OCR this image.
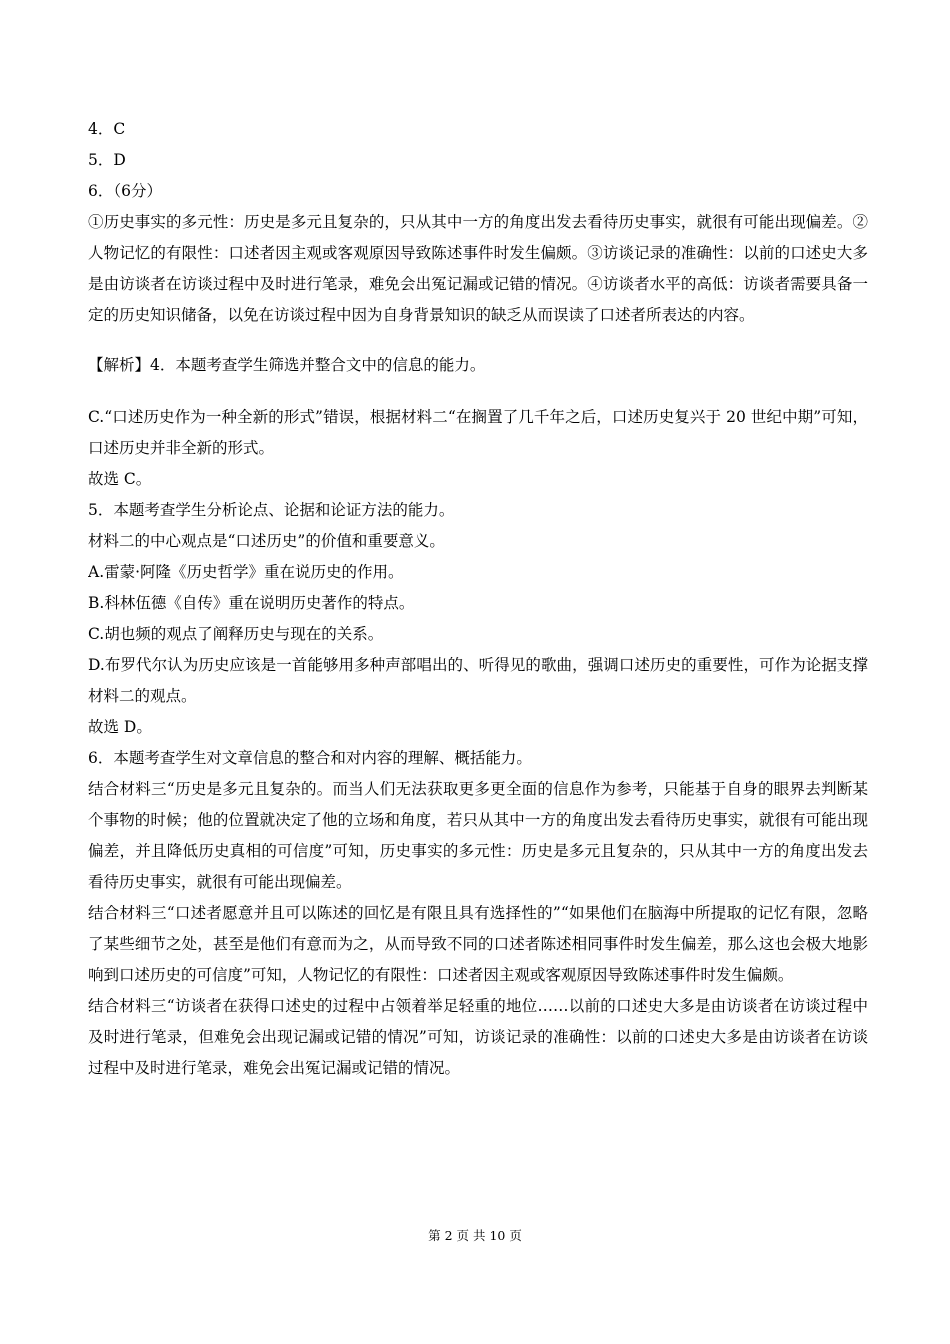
4．C

5．D

6．（6分）

①历史事实的多元性：历史是多元且复杂的，只从其中一方的角度出发去看待历史事实，就很有可能出现偏差。②人物记忆的有限性：口述者因主观或客观原因导致陈述事件时发生偏颇。③访谈记录的准确性：以前的口述史大多是由访谈者在访谈过程中及时进行笔录，难免会出冤记漏或记错的情况。④访谈者水平的高低：访谈者需要具备一定的历史知识储备，以免在访谈过程中因为自身背景知识的缺乏从而误读了口述者所表达的内容。

【解析】4．本题考查学生筛选并整合文中的信息的能力。

C.“口述历史作为一种全新的形式”错误，根据材料二“在搁置了几千年之后，口述历史复兴于 20 世纪中期”可知，口述历史并非全新的形式。

故选 C。

5．本题考查学生分析论点、论据和论证方法的能力。

材料二的中心观点是“口述历史”的价值和重要意义。

A.雷蒙·阿隆《历史哲学》重在说历史的作用。

B.科林伍德《自传》重在说明历史著作的特点。

C.胡也频的观点了阐释历史与现在的关系。

D.布罗代尔认为历史应该是一首能够用多种声部唱出的、听得见的歌曲，强调口述历史的重要性，可作为论据支撑材料二的观点。

故选 D。

6．本题考查学生对文章信息的整合和对内容的理解、概括能力。

结合材料三“历史是多元且复杂的。而当人们无法获取更多更全面的信息作为参考，只能基于自身的眼界去判断某个事物的时候；他的位置就决定了他的立场和角度，若只从其中一方的角度出发去看待历史事实，就很有可能出现偏差，并且降低历史真相的可信度”可知，历史事实的多元性：历史是多元且复杂的，只从其中一方的角度出发去看待历史事实，就很有可能出现偏差。

结合材料三“口述者愿意并且可以陈述的回忆是有限且具有选择性的”“如果他们在脑海中所提取的记忆有限，忽略了某些细节之处，甚至是他们有意而为之，从而导致不同的口述者陈述相同事件时发生偏差，那么这也会极大地影响到口述历史的可信度”可知，人物记忆的有限性：口述者因主观或客观原因导致陈述事件时发生偏颇。

结合材料三“访谈者在获得口述史的过程中占领着举足轻重的地位……以前的口述史大多是由访谈者在访谈过程中及时进行笔录，但难免会出现记漏或记错的情况”可知，访谈记录的准确性：以前的口述史大多是由访谈者在访谈过程中及时进行笔录，难免会出冤记漏或记错的情况。

第 2 页 共 10 页
